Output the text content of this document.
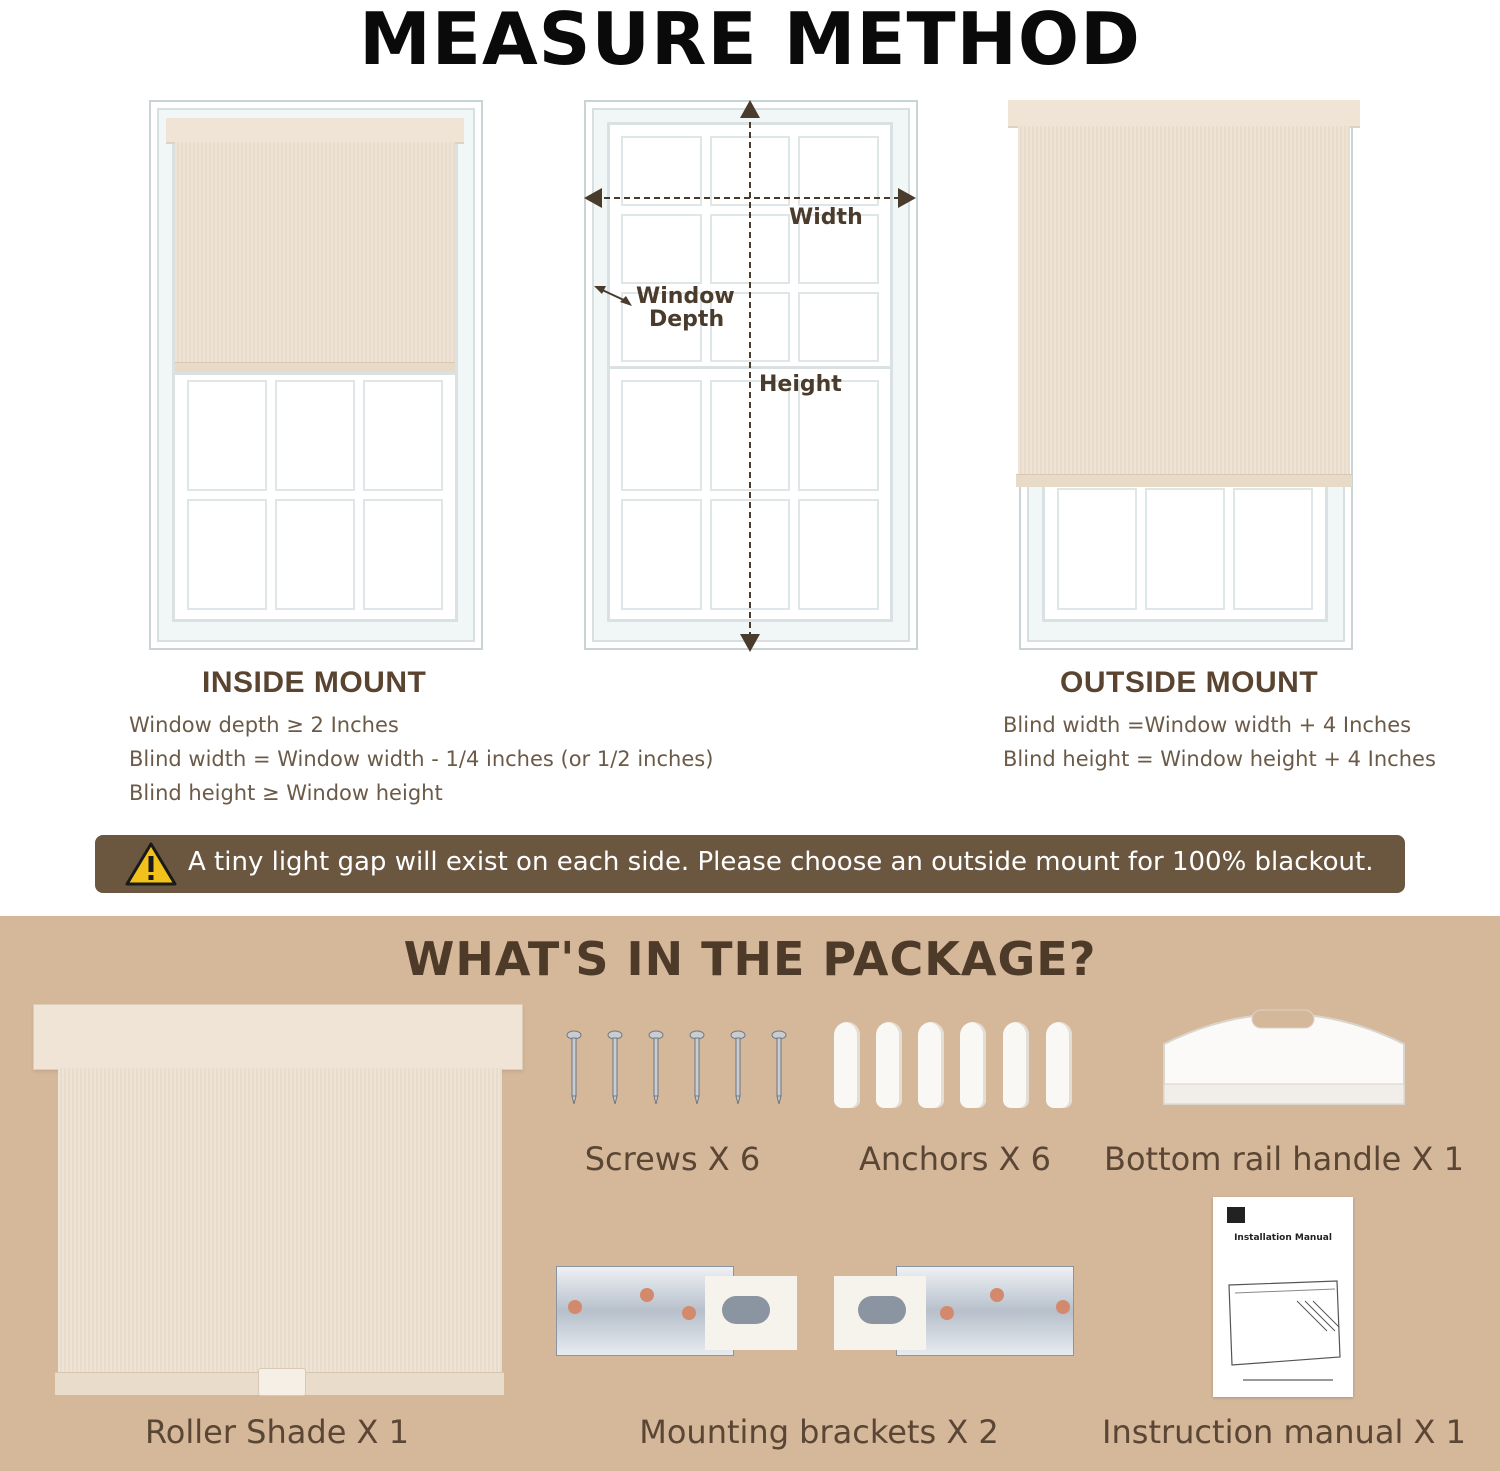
MEASURE METHOD
Width
Window
Depth
Height
INSIDE MOUNT
Window depth ≥ 2 Inches
Blind width = Window width - 1/4 inches (or 1/2 inches)
Blind height ≥ Window height
OUTSIDE MOUNT
Blind width =Window width + 4 Inches
Blind height = Window height + 4 Inches
A tiny light gap will exist on each side. Please choose an outside mount for 100% blackout.
WHAT'S IN THE PACKAGE?
Roller Shade X 1
Screws X 6	Anchors X 6	Bottom rail handle X 1
Mounting brackets X 2
Installation Manual
Instruction manual X 1
